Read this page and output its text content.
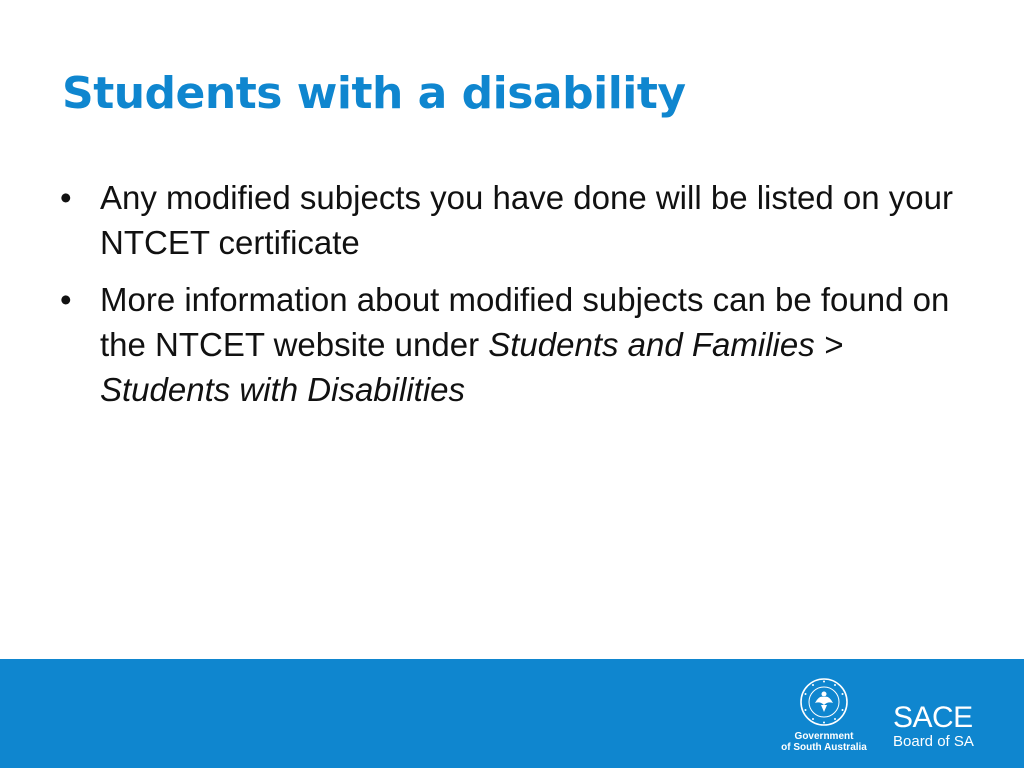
Students with a disability
• Any modified subjects you have done will be listed on your NTCET certificate
• More information about modified subjects can be found on the NTCET website under Students and Families > Students with Disabilities
Government
of South Australia
SACE
Board of SA
